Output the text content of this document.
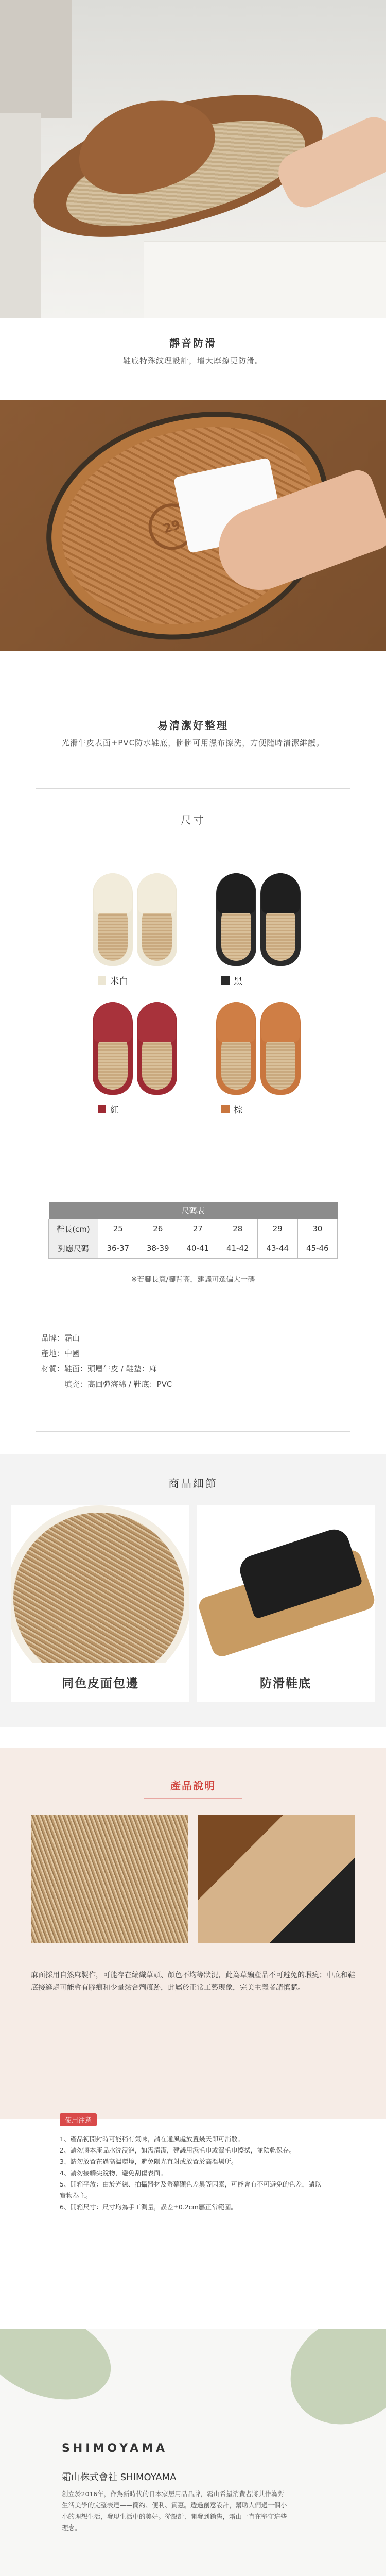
靜音防滑

鞋底特殊紋理設計，增大摩擦更防滑。

29
易清潔好整理

光滑牛皮表面+PVC防水鞋底，髒髒可用濕布擦洗，方便隨時清潔維護。

尺寸
米白	黑
紅	棕
尺碼表						
鞋長(cm)	25	26	27	28	29	30
對應尺碼	36-37	38-39	40-41	41-42	43-44	45-46
※若腳長寬/腳背高，建議可選偏大一碼
品牌：霜山
產地：中國
材質：鞋面：頭層牛皮 / 鞋墊：麻
填充：高回彈海綿 / 鞋底：PVC
商品細節
同色皮面包邊	防滑鞋底
產品說明

麻面採用自然麻製作，可能存在編織草頭、顏色不均等狀況，此為草編產品不可避免的瑕疵；中底和鞋底接縫處可能會有膠痕和少量黏合劑痕跡，此屬於正常工藝現象，完美主義者請慎購。

使用注意
1、產品初開封時可能稍有氣味，請在通風處放置幾天即可消散。
2、請勿將本產品水洗浸泡，如需清潔，建議用濕毛巾或濕毛巾擦拭，並陰乾保存。
3、請勿放置在過高溫環境，避免陽光直射或放置於高溫場所。
4、請勿接觸尖銳物，避免刮傷表面。
5、開箱平放：由於光線、拍攝器材及螢幕顯色差異等因素，可能會有不可避免的色差，請以實物為主。
6、開箱尺寸：尺寸均為手工測量，誤差±0.2cm屬正常範圍。
SHIMOYAMA
霜山株式會社 SHIMOYAMA
創立於2016年，作為新時代的日本家居用品品牌，霜山希望消費者將其作為對生活美學的完整表達——簡約、便利、實惠。透過創意設計，幫助人們過一個小小的理想生活，發現生活中的美好。從設計、開發到銷售，霜山一直在堅守這些理念。
